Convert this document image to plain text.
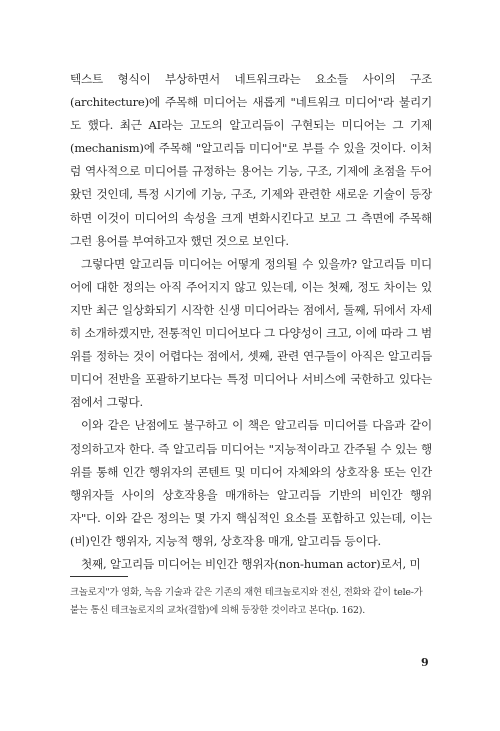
텍스트 형식이 부상하면서 네트워크라는 요소들 사이의 구조(architecture)에 주목해 미디어는 새롭게 "네트워크 미디어"라 불리기도 했다. 최근 AI라는 고도의 알고리듬이 구현되는 미디어는 그 기제(mechanism)에 주목해 "알고리듬 미디어"로 부를 수 있을 것이다. 이처럼 역사적으로 미디어를 규정하는 용어는 기능, 구조, 기제에 초점을 두어 왔던 것인데, 특정 시기에 기능, 구조, 기제와 관련한 새로운 기술이 등장하면 이것이 미디어의 속성을 크게 변화시킨다고 보고 그 측면에 주목해 그런 용어를 부여하고자 했던 것으로 보인다.

그렇다면 알고리듬 미디어는 어떻게 정의될 수 있을까? 알고리듬 미디어에 대한 정의는 아직 주어지지 않고 있는데, 이는 첫째, 정도 차이는 있지만 최근 일상화되기 시작한 신생 미디어라는 점에서, 둘째, 뒤에서 자세히 소개하겠지만, 전통적인 미디어보다 그 다양성이 크고, 이에 따라 그 범위를 정하는 것이 어렵다는 점에서, 셋째, 관련 연구들이 아직은 알고리듬 미디어 전반을 포괄하기보다는 특정 미디어나 서비스에 국한하고 있다는 점에서 그렇다.

이와 같은 난점에도 불구하고 이 책은 알고리듬 미디어를 다음과 같이 정의하고자 한다. 즉 알고리듬 미디어는 "지능적이라고 간주될 수 있는 행위를 통해 인간 행위자의 콘텐트 및 미디어 자체와의 상호작용 또는 인간 행위자들 사이의 상호작용을 매개하는 알고리듬 기반의 비인간 행위자"다. 이와 같은 정의는 몇 가지 핵심적인 요소를 포함하고 있는데, 이는 (비)인간 행위자, 지능적 행위, 상호작용 매개, 알고리듬 등이다.

첫째, 알고리듬 미디어는 비인간 행위자(non-human actor)로서, 미

크놀로지"가 영화, 녹음 기술과 같은 기존의 재현 테크놀로지와 전신, 전화와 같이 tele-가 붙는 통신 테크놀로지의 교차(결합)에 의해 등장한 것이라고 본다(p. 162).

9
